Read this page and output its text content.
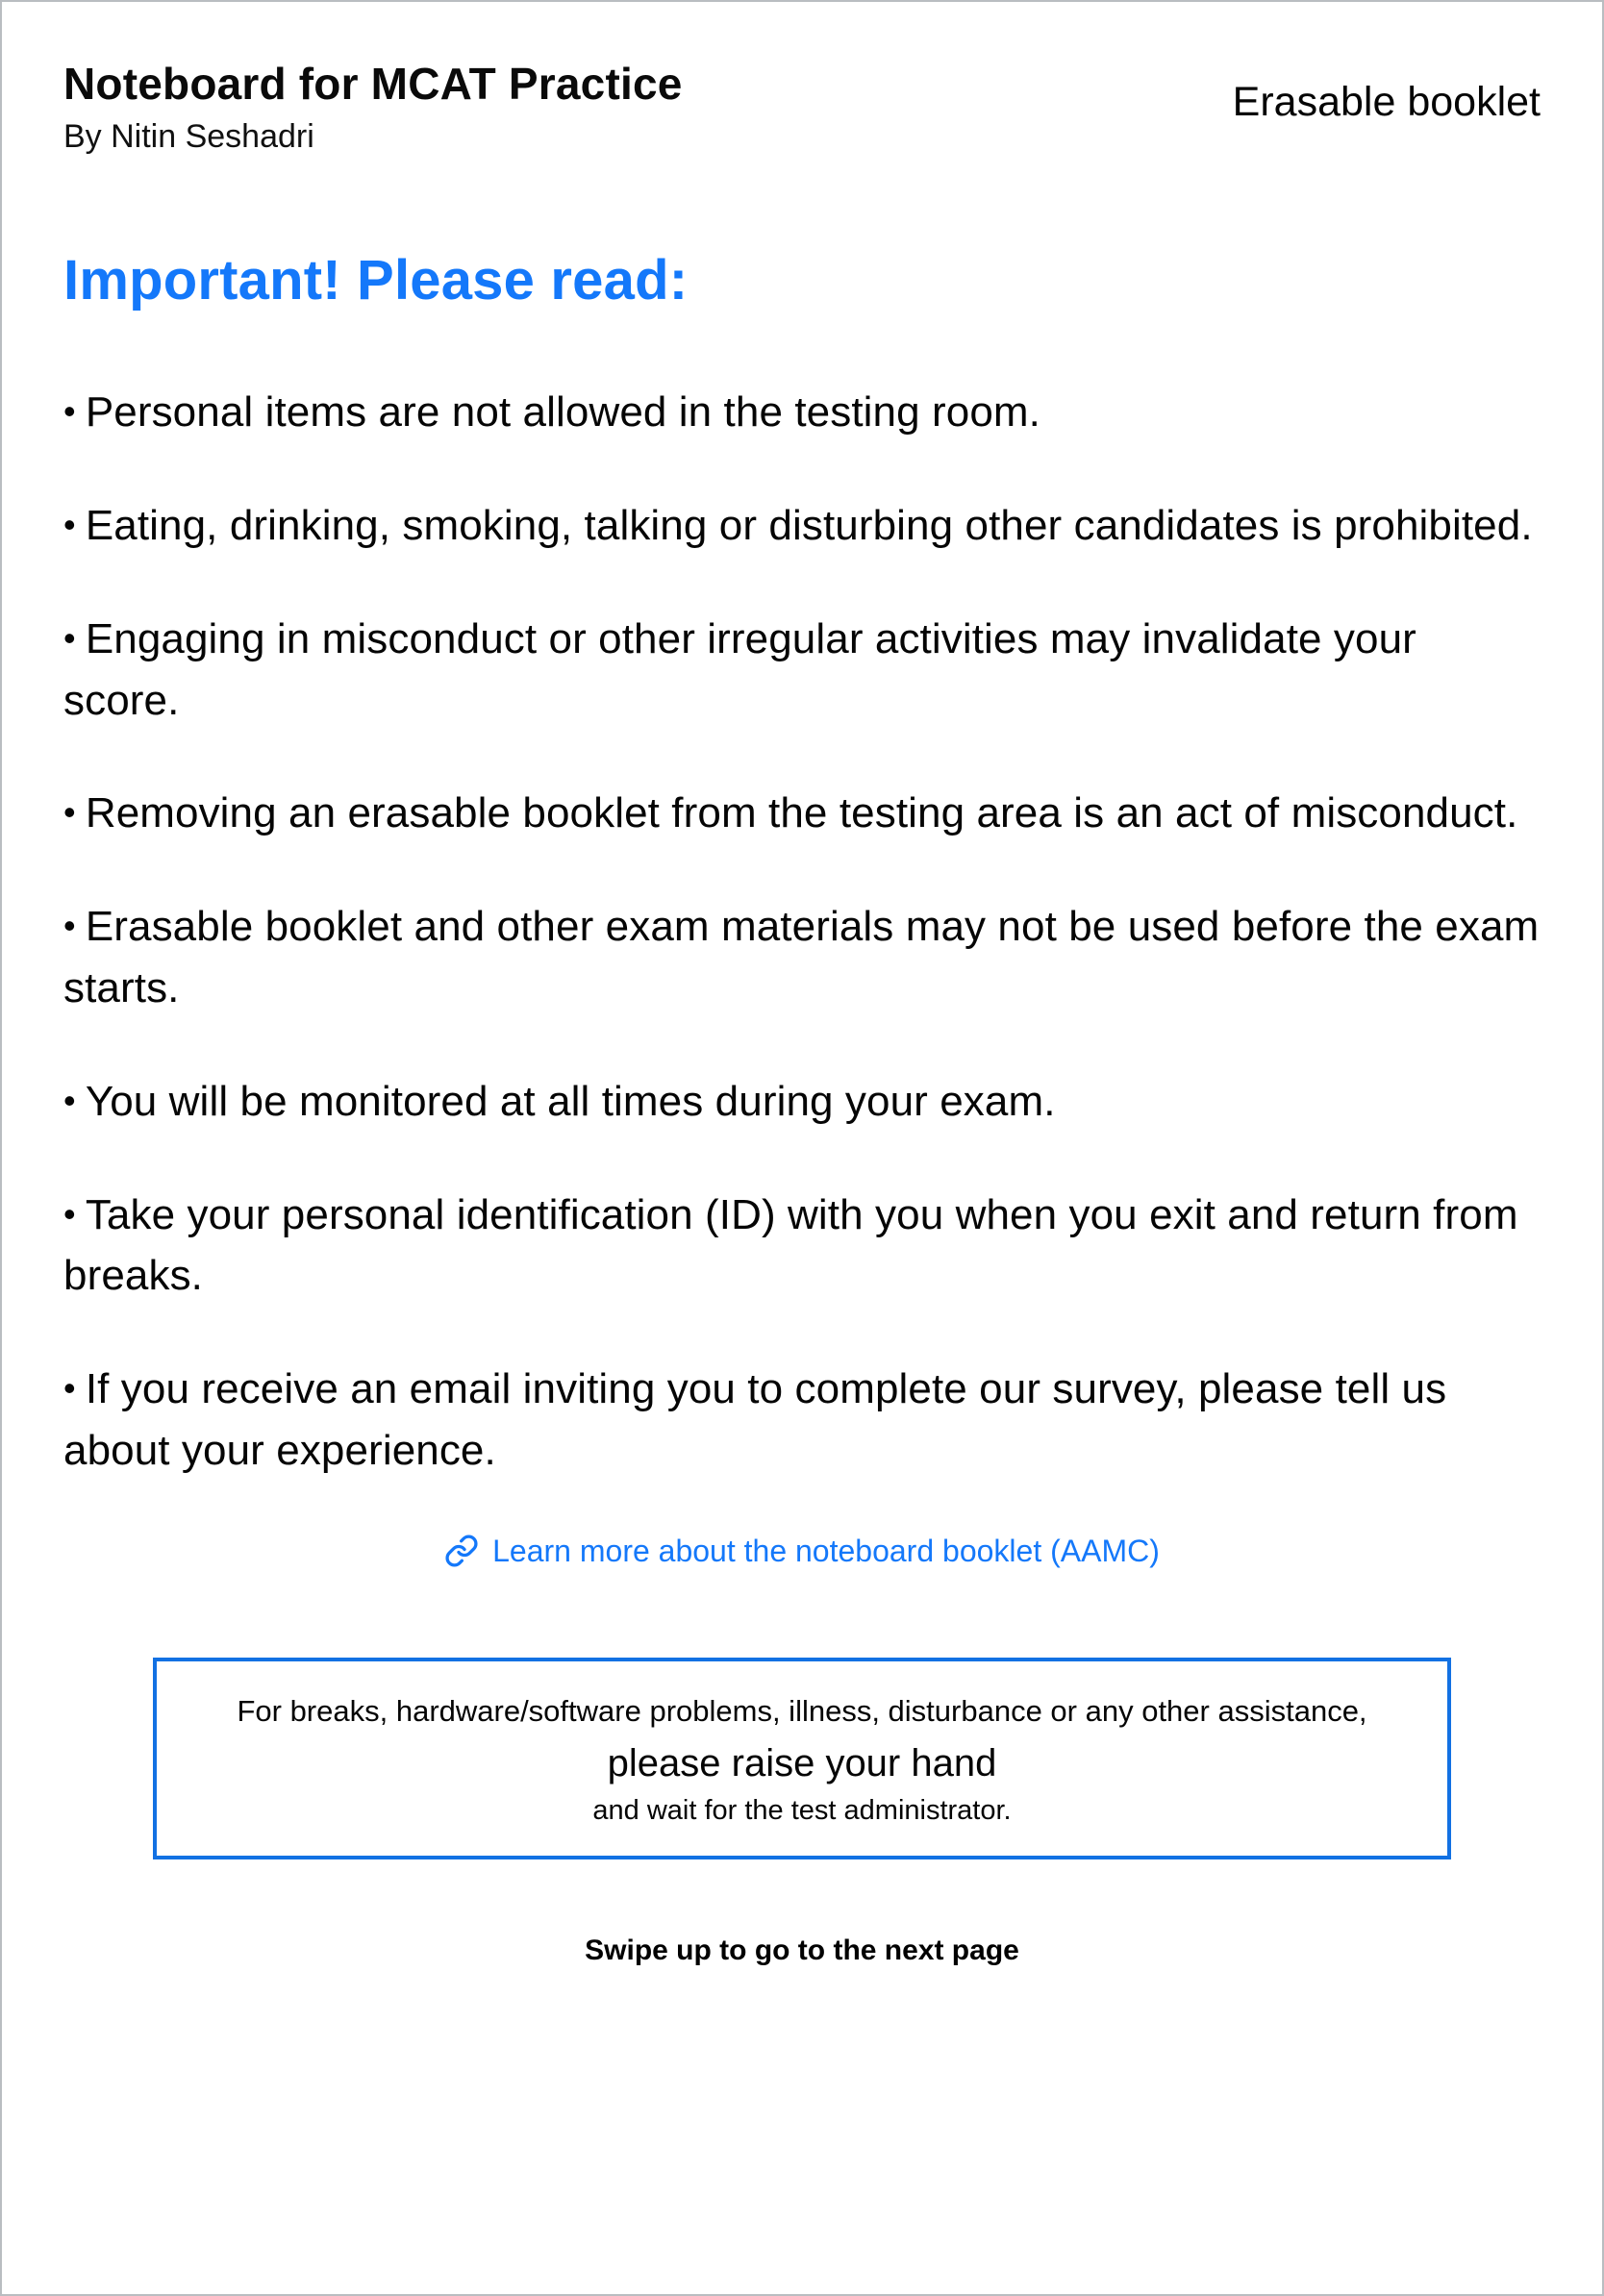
Noteboard for MCAT Practice
By Nitin Seshadri
Erasable booklet
Important! Please read:

• Personal items are not allowed in the testing room.

• Eating, drinking, smoking, talking or disturbing other candidates is prohibited.

• Engaging in misconduct or other irregular activities may invalidate your score.

• Removing an erasable booklet from the testing area is an act of misconduct.

• Erasable booklet and other exam materials may not be used before the exam starts.

• You will be monitored at all times during your exam.

• Take your personal identification (ID) with you when you exit and return from breaks.

• If you receive an email inviting you to complete our survey, please tell us about your experience.

Learn more about the noteboard booklet (AAMC)
For breaks, hardware/software problems, illness, disturbance or any other assistance,
please raise your hand
and wait for the test administrator.
Swipe up to go to the next page
